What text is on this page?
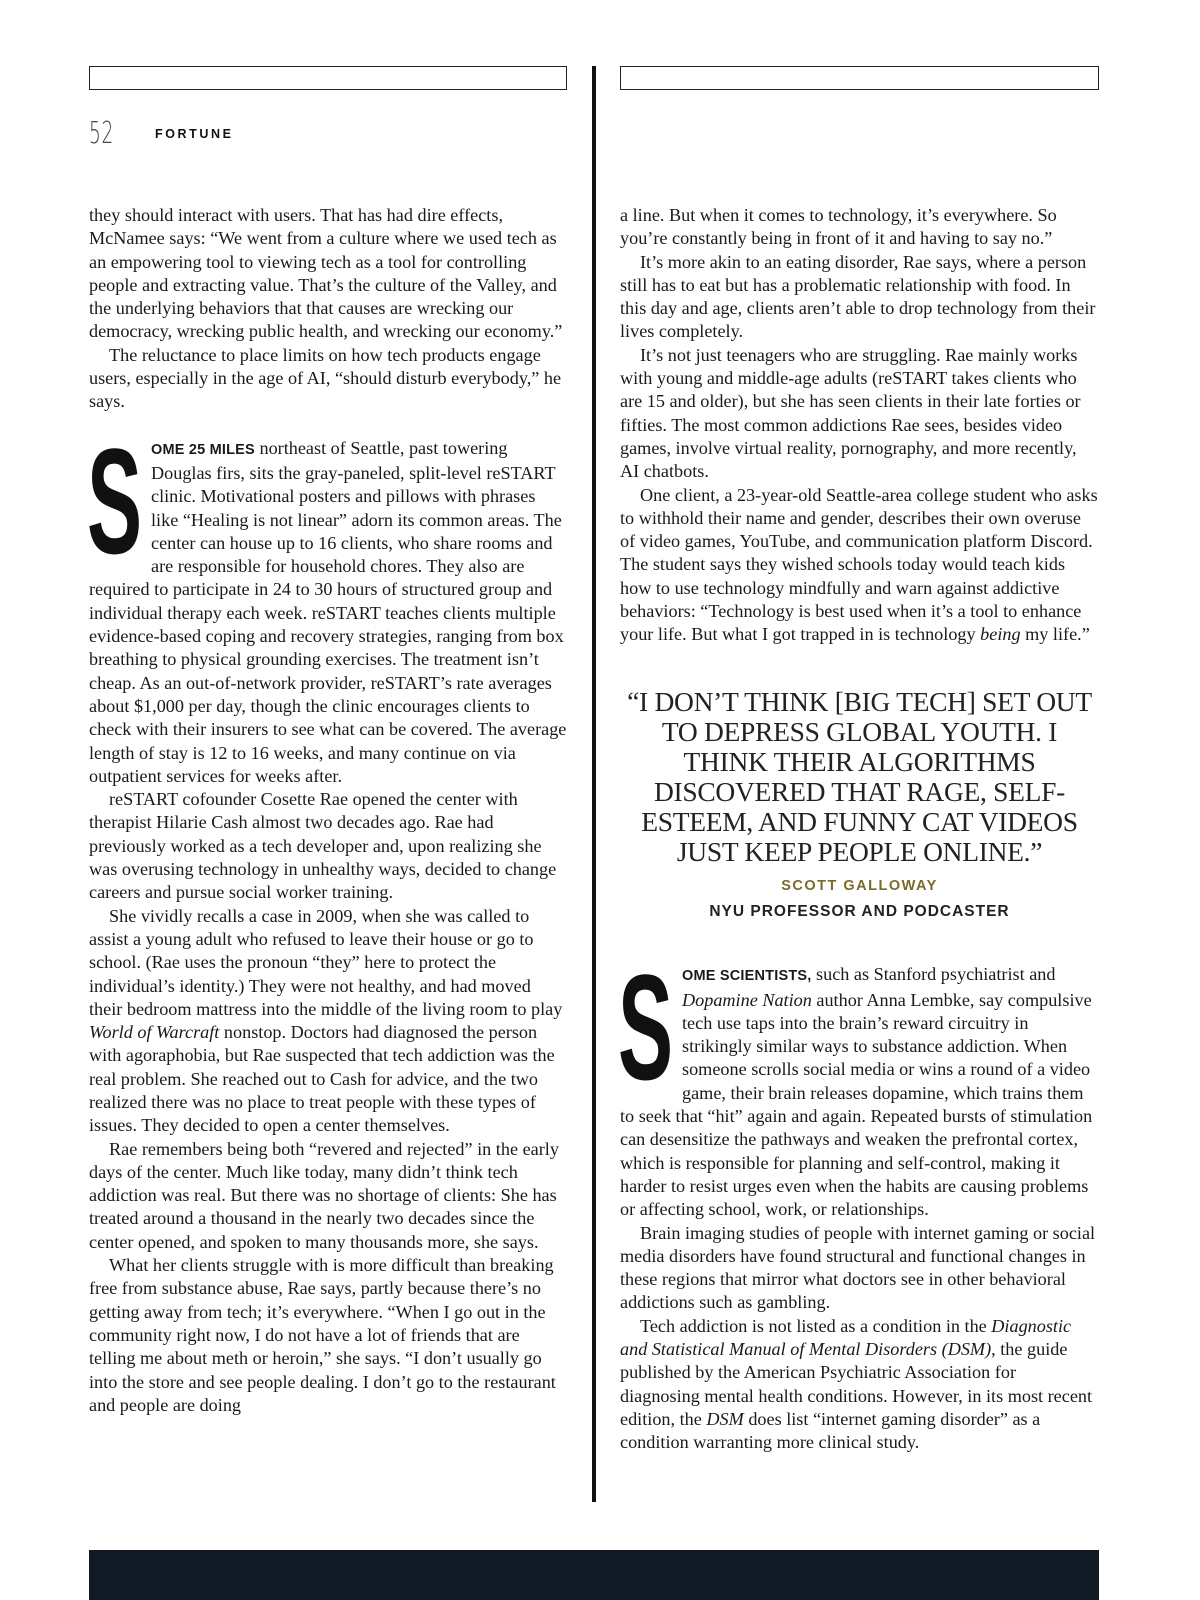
52	FORTUNE

they should interact with users. That has had dire effects, McNamee says: “We went from a culture where we used tech as an empowering tool to viewing tech as a tool for controlling people and extracting value. That’s the culture of the Valley, and the underlying behaviors that that causes are wrecking our democracy, wrecking public health, and wrecking our economy.”

The reluctance to place limits on how tech products engage users, especially in the age of AI, “should disturb everybody,” he says.

SOME 25 MILES northeast of Seattle, past towering Douglas firs, sits the gray-paneled, split-level reSTART clinic. Motivational posters and pillows with phrases like “Healing is not linear” adorn its common areas. The center can house up to 16 clients, who share rooms and are responsible for household chores. They also are required to participate in 24 to 30 hours of structured group and individual therapy each week. reSTART teaches clients multiple evidence-based coping and recovery strategies, ranging from box breathing to physical grounding exercises. The treatment isn’t cheap. As an out-of-network provider, reSTART’s rate averages about $1,000 per day, though the clinic encourages clients to check with their insurers to see what can be covered. The average length of stay is 12 to 16 weeks, and many continue on via outpatient services for weeks after.

reSTART cofounder Cosette Rae opened the center with therapist Hilarie Cash almost two decades ago. Rae had previously worked as a tech developer and, upon realizing she was overusing technology in unhealthy ways, decided to change careers and pursue social worker training.

She vividly recalls a case in 2009, when she was called to assist a young adult who refused to leave their house or go to school. (Rae uses the pronoun “they” here to protect the individual’s identity.) They were not healthy, and had moved their bedroom mattress into the middle of the living room to play World of Warcraft nonstop. Doctors had diagnosed the person with agoraphobia, but Rae suspected that tech addiction was the real problem. She reached out to Cash for advice, and the two realized there was no place to treat people with these types of issues. They decided to open a center themselves.

Rae remembers being both “revered and rejected” in the early days of the center. Much like today, many didn’t think tech addiction was real. But there was no shortage of clients: She has treated around a thousand in the nearly two decades since the center opened, and spoken to many thousands more, she says.

What her clients struggle with is more difficult than breaking free from substance abuse, Rae says, partly because there’s no getting away from tech; it’s everywhere. “When I go out in the community right now, I do not have a lot of friends that are telling me about meth or heroin,” she says. “I don’t usually go into the store and see people dealing. I don’t go to the restaurant and people are doing

a line. But when it comes to technology, it’s everywhere. So you’re constantly being in front of it and having to say no.”

It’s more akin to an eating disorder, Rae says, where a person still has to eat but has a problematic relationship with food. In this day and age, clients aren’t able to drop technology from their lives completely.

It’s not just teenagers who are struggling. Rae mainly works with young and middle-age adults (reSTART takes clients who are 15 and older), but she has seen clients in their late forties or fifties. The most common addictions Rae sees, besides video games, involve virtual reality, pornography, and more recently, AI chatbots.

One client, a 23-year-old Seattle-area college student who asks to withhold their name and gender, describes their own overuse of video games, YouTube, and communication platform Discord. The student says they wished schools today would teach kids how to use technology mindfully and warn against addictive behaviors: “Technology is best used when it’s a tool to enhance your life. But what I got trapped in is technology being my life.”

“I DON’T THINK [BIG TECH] SET OUT TO DEPRESS GLOBAL YOUTH. I THINK THEIR ALGORITHMS DISCOVERED THAT RAGE, SELF-ESTEEM, AND FUNNY CAT VIDEOS JUST KEEP PEOPLE ONLINE.”
SCOTT GALLOWAY
NYU PROFESSOR AND PODCASTER

SOME SCIENTISTS, such as Stanford psychiatrist and Dopamine Nation author Anna Lembke, say compulsive tech use taps into the brain’s reward circuitry in strikingly similar ways to substance addiction. When someone scrolls social media or wins a round of a video game, their brain releases dopamine, which trains them to seek that “hit” again and again. Repeated bursts of stimulation can desensitize the pathways and weaken the prefrontal cortex, which is responsible for planning and self-control, making it harder to resist urges even when the habits are causing problems or affecting school, work, or relationships.

Brain imaging studies of people with internet gaming or social media disorders have found structural and functional changes in these regions that mirror what doctors see in other behavioral addictions such as gambling.

Tech addiction is not listed as a condition in the Diagnostic and Statistical Manual of Mental Disorders (DSM), the guide published by the American Psychiatric Association for diagnosing mental health conditions. However, in its most recent edition, the DSM does list “internet gaming disorder” as a condition warranting more clinical study.
